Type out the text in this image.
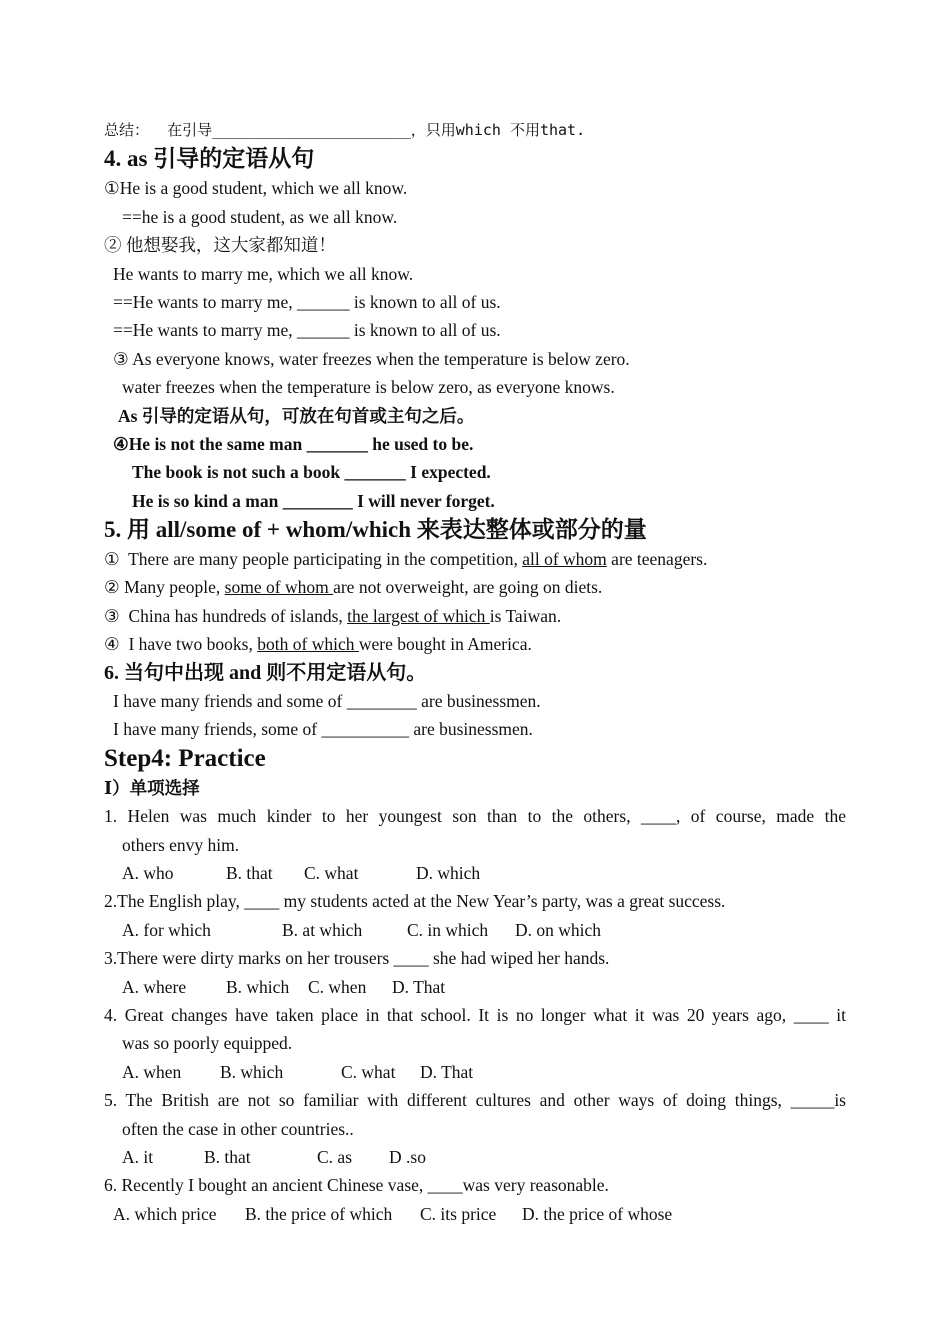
总结： 在引导______________________，只用which 不用that.
4. as 引导的定语从句
①He is a good student, which we all know.
==he is a good student, as we all know.
② 他想娶我，这大家都知道！
He wants to marry me, which we all know.
==He wants to marry me, ______ is known to all of us.
==He wants to marry me, ______ is known to all of us.
③ As everyone knows, water freezes when the temperature is below zero.
water freezes when the temperature is below zero, as everyone knows.
As 引导的定语从句，可放在句首或主句之后。
④He is not the same man _______ he used to be.
The book is not such a book _______ I expected.
He is so kind a man ________ I will never forget.
5. 用 all/some of + whom/which 来表达整体或部分的量
①  There are many people participating in the competition, all of whom are teenagers.
② Many people, some of whom are not overweight, are going on diets.
③  China has hundreds of islands, the largest of which is Taiwan.
④  I have two books, both of which were bought in America.
6. 当句中出现 and 则不用定语从句。
I have many friends and some of ________ are businessmen.
I have many friends, some of __________ are businessmen.
Step4: Practice
Ⅰ）单项选择
1. Helen was much kinder to her youngest son than to the others, ____, of course, made the
others envy him.
A. who	B. that C. what	D. which
2.The English play, ____ my students acted at the New Year’s party, was a great success.
A. for which	B. at which	C. in which D. on which
3.There were dirty marks on her trousers ____ she had wiped her hands.
A. where B. which C. when D. That
4. Great changes have taken place in that school. It is no longer what it was 20 years ago, ____ it
was so poorly equipped.
A. when B. which	C. what D. That
5. The British are not so familiar with different cultures and other ways of doing things, _____is
often the case in other countries..
A. it	B. that	C. as D .so
6. Recently I bought an ancient Chinese vase, ____was very reasonable.
A. which price B. the price of which C. its price D. the price of whose
